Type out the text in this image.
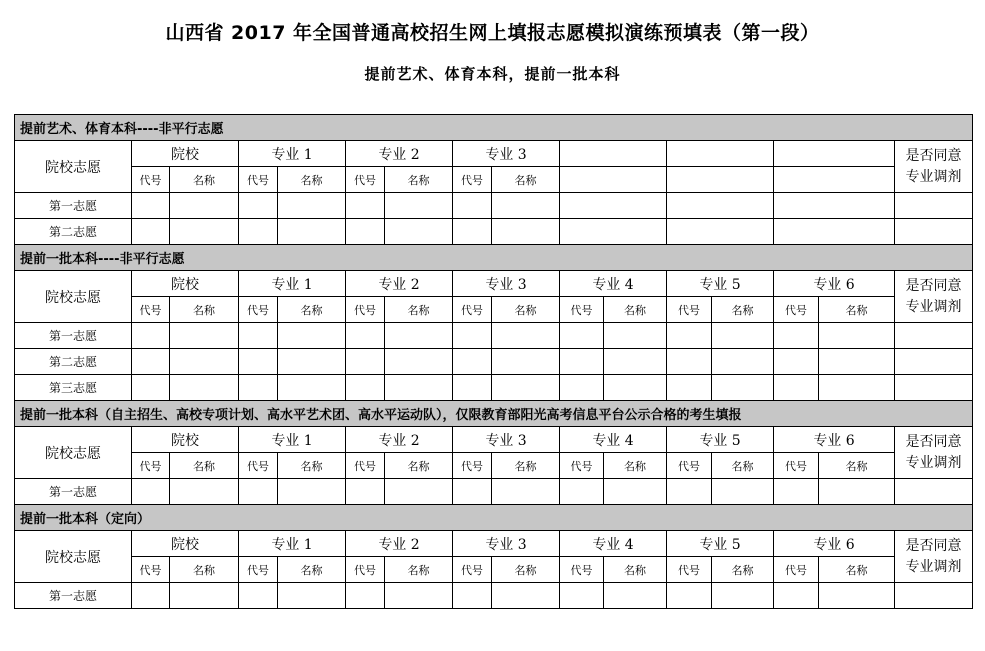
山西省 2017 年全国普通高校招生网上填报志愿模拟演练预填表（第一段）
提前艺术、体育本科，提前一批本科
提前艺术、体育本科----非平行志愿															
院校志愿	院校		专业 1		专业 2		专业 3								是否同意
专业调剂

	代号	名称	代号	名称	代号	名称	代号	名称							
第一志愿															
第二志愿															
提前一批本科----非平行志愿															
院校志愿	院校		专业 1		专业 2		专业 3		专业 4		专业 5		专业 6		是否同意
专业调剂

	代号	名称	代号	名称	代号	名称	代号	名称	代号	名称	代号	名称	代号	名称	
第一志愿															
第二志愿															
第三志愿															
提前一批本科（自主招生、高校专项计划、高水平艺术团、高水平运动队），仅限教育部阳光高考信息平台公示合格的考生填报															
院校志愿	院校		专业 1		专业 2		专业 3		专业 4		专业 5		专业 6		是否同意
专业调剂

	代号	名称	代号	名称	代号	名称	代号	名称	代号	名称	代号	名称	代号	名称	
第一志愿															
提前一批本科（定向）															
院校志愿	院校		专业 1		专业 2		专业 3		专业 4		专业 5		专业 6		是否同意
专业调剂

	代号	名称	代号	名称	代号	名称	代号	名称	代号	名称	代号	名称	代号	名称	
第一志愿															
